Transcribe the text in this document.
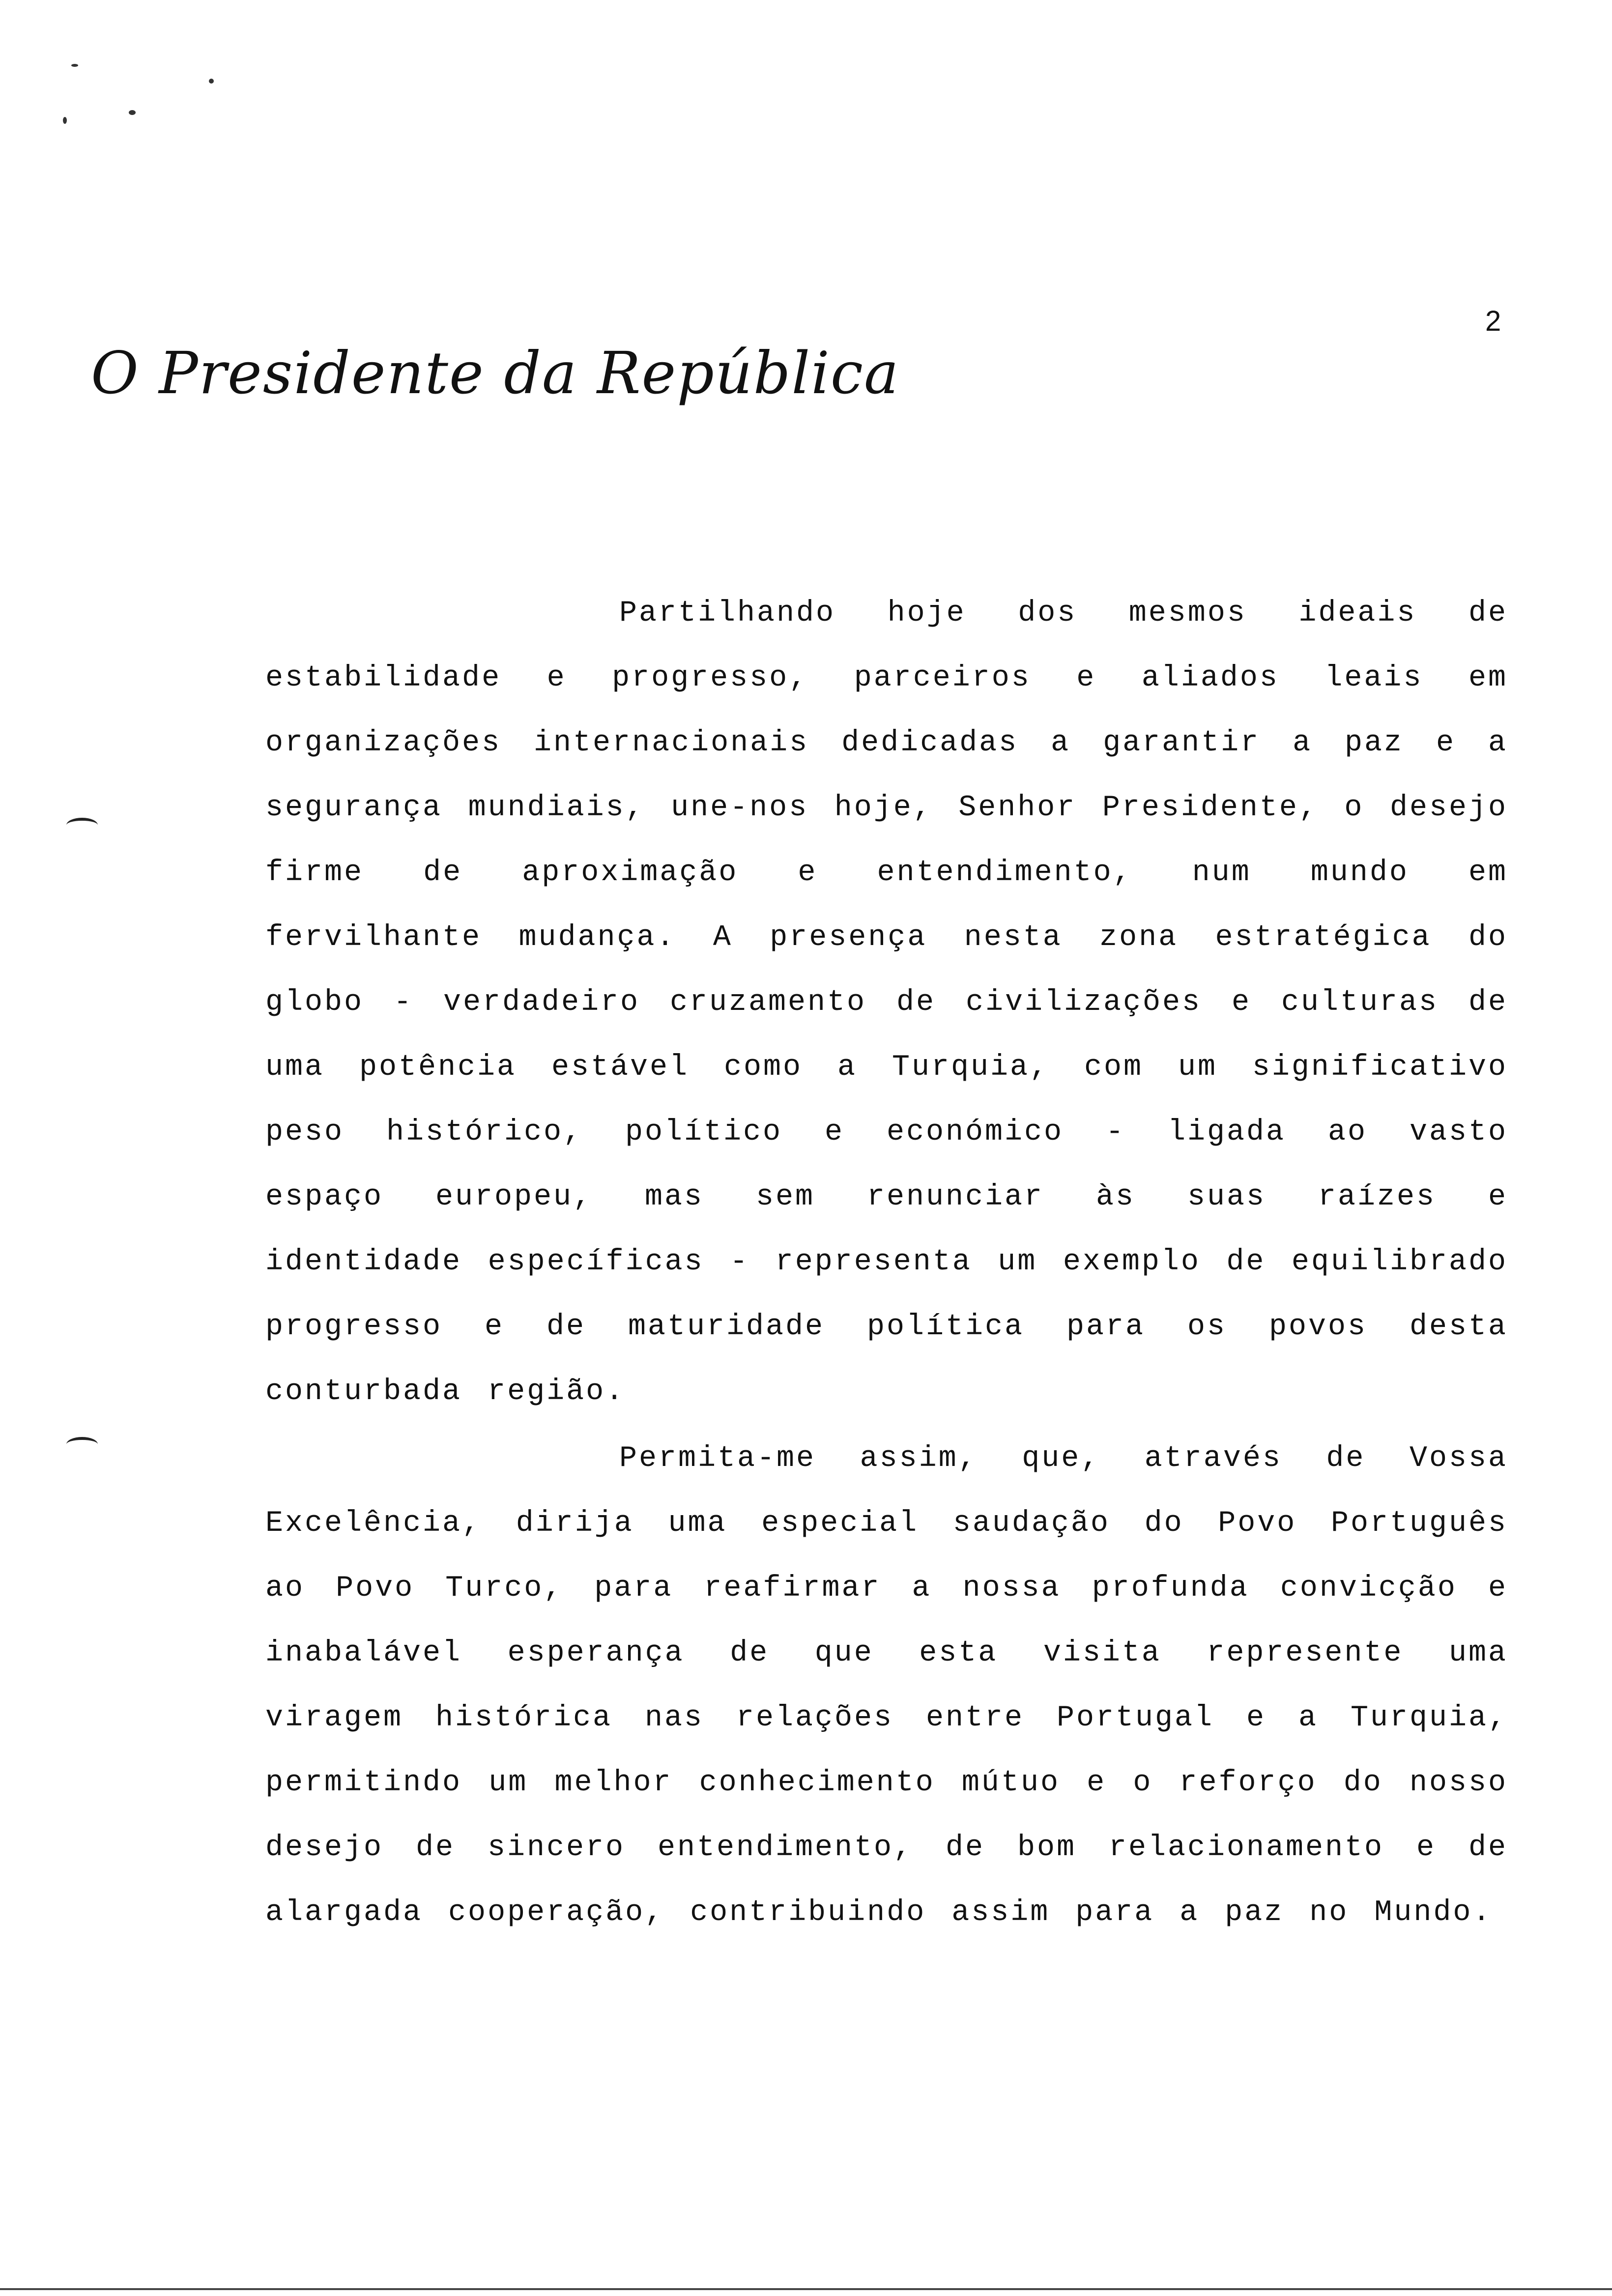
2
O Presidente da República
Partilhando hoje dos mesmos ideais de estabilidade e progresso, parceiros e aliados leais em organizações internacionais dedicadas a garantir a paz e a segurança mundiais, une-nos hoje, Senhor Presidente, o desejo firme de aproximação e entendimento, num mundo em fervilhante mudança. A presença nesta zona estratégica do globo - verdadeiro cruzamento de civilizações e culturas de uma potência estável como a Turquia, com um significativo peso histórico, político e económico - ligada ao vasto espaço europeu, mas sem renunciar às suas raízes e identidade específicas - representa um exemplo de equilibrado progresso e de maturidade política para os povos desta conturbada região.
Permita-me assim, que, através de Vossa Excelência, dirija uma especial saudação do Povo Português ao Povo Turco, para reafirmar a nossa profunda convicção e inabalável esperança de que esta visita represente uma viragem histórica nas relações entre Portugal e a Turquia, permitindo um melhor conhecimento mútuo e o reforço do nosso desejo de sincero entendimento, de bom relacionamento e de alargada cooperação, contribuindo assim para a paz no Mundo.
